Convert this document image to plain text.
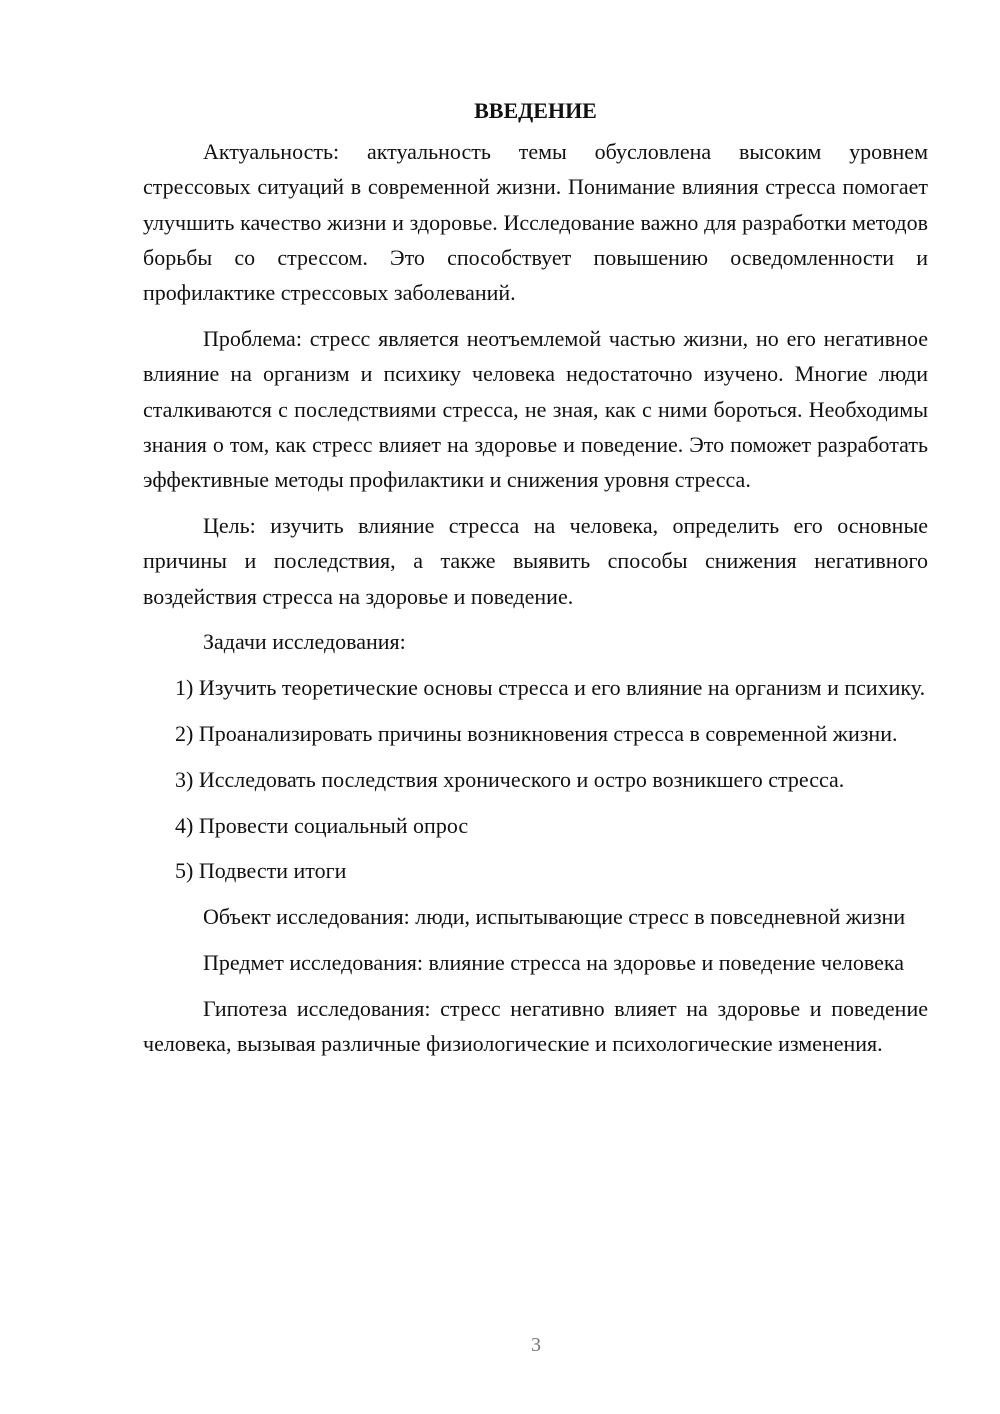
ВВЕДЕНИЕ

Актуальность: актуальность темы обусловлена высоким уровнем стрессовых ситуаций в современной жизни. Понимание влияния стресса помогает улучшить качество жизни и здоровье. Исследование важно для разработки методов борьбы со стрессом. Это способствует повышению осведомленности и профилактике стрессовых заболеваний.

Проблема: стресс является неотъемлемой частью жизни, но его негативное влияние на организм и психику человека недостаточно изучено. Многие люди сталкиваются с последствиями стресса, не зная, как с ними бороться. Необходимы знания о том, как стресс влияет на здоровье и поведение. Это поможет разработать эффективные методы профилактики и снижения уровня стресса.

Цель: изучить влияние стресса на человека, определить его основные причины и последствия, а также выявить способы снижения негативного воздействия стресса на здоровье и поведение.

Задачи исследования:

1) Изучить теоретические основы стресса и его влияние на организм и психику.

2) Проанализировать причины возникновения стресса в современной жизни.

3) Исследовать последствия хронического и остро возникшего стресса.

4) Провести социальный опрос

5) Подвести итоги

Объект исследования: люди, испытывающие стресс в повседневной жизни

Предмет исследования: влияние стресса на здоровье и поведение человека

Гипотеза исследования: стресс негативно влияет на здоровье и поведение человека, вызывая различные физиологические и психологические изменения.

3
